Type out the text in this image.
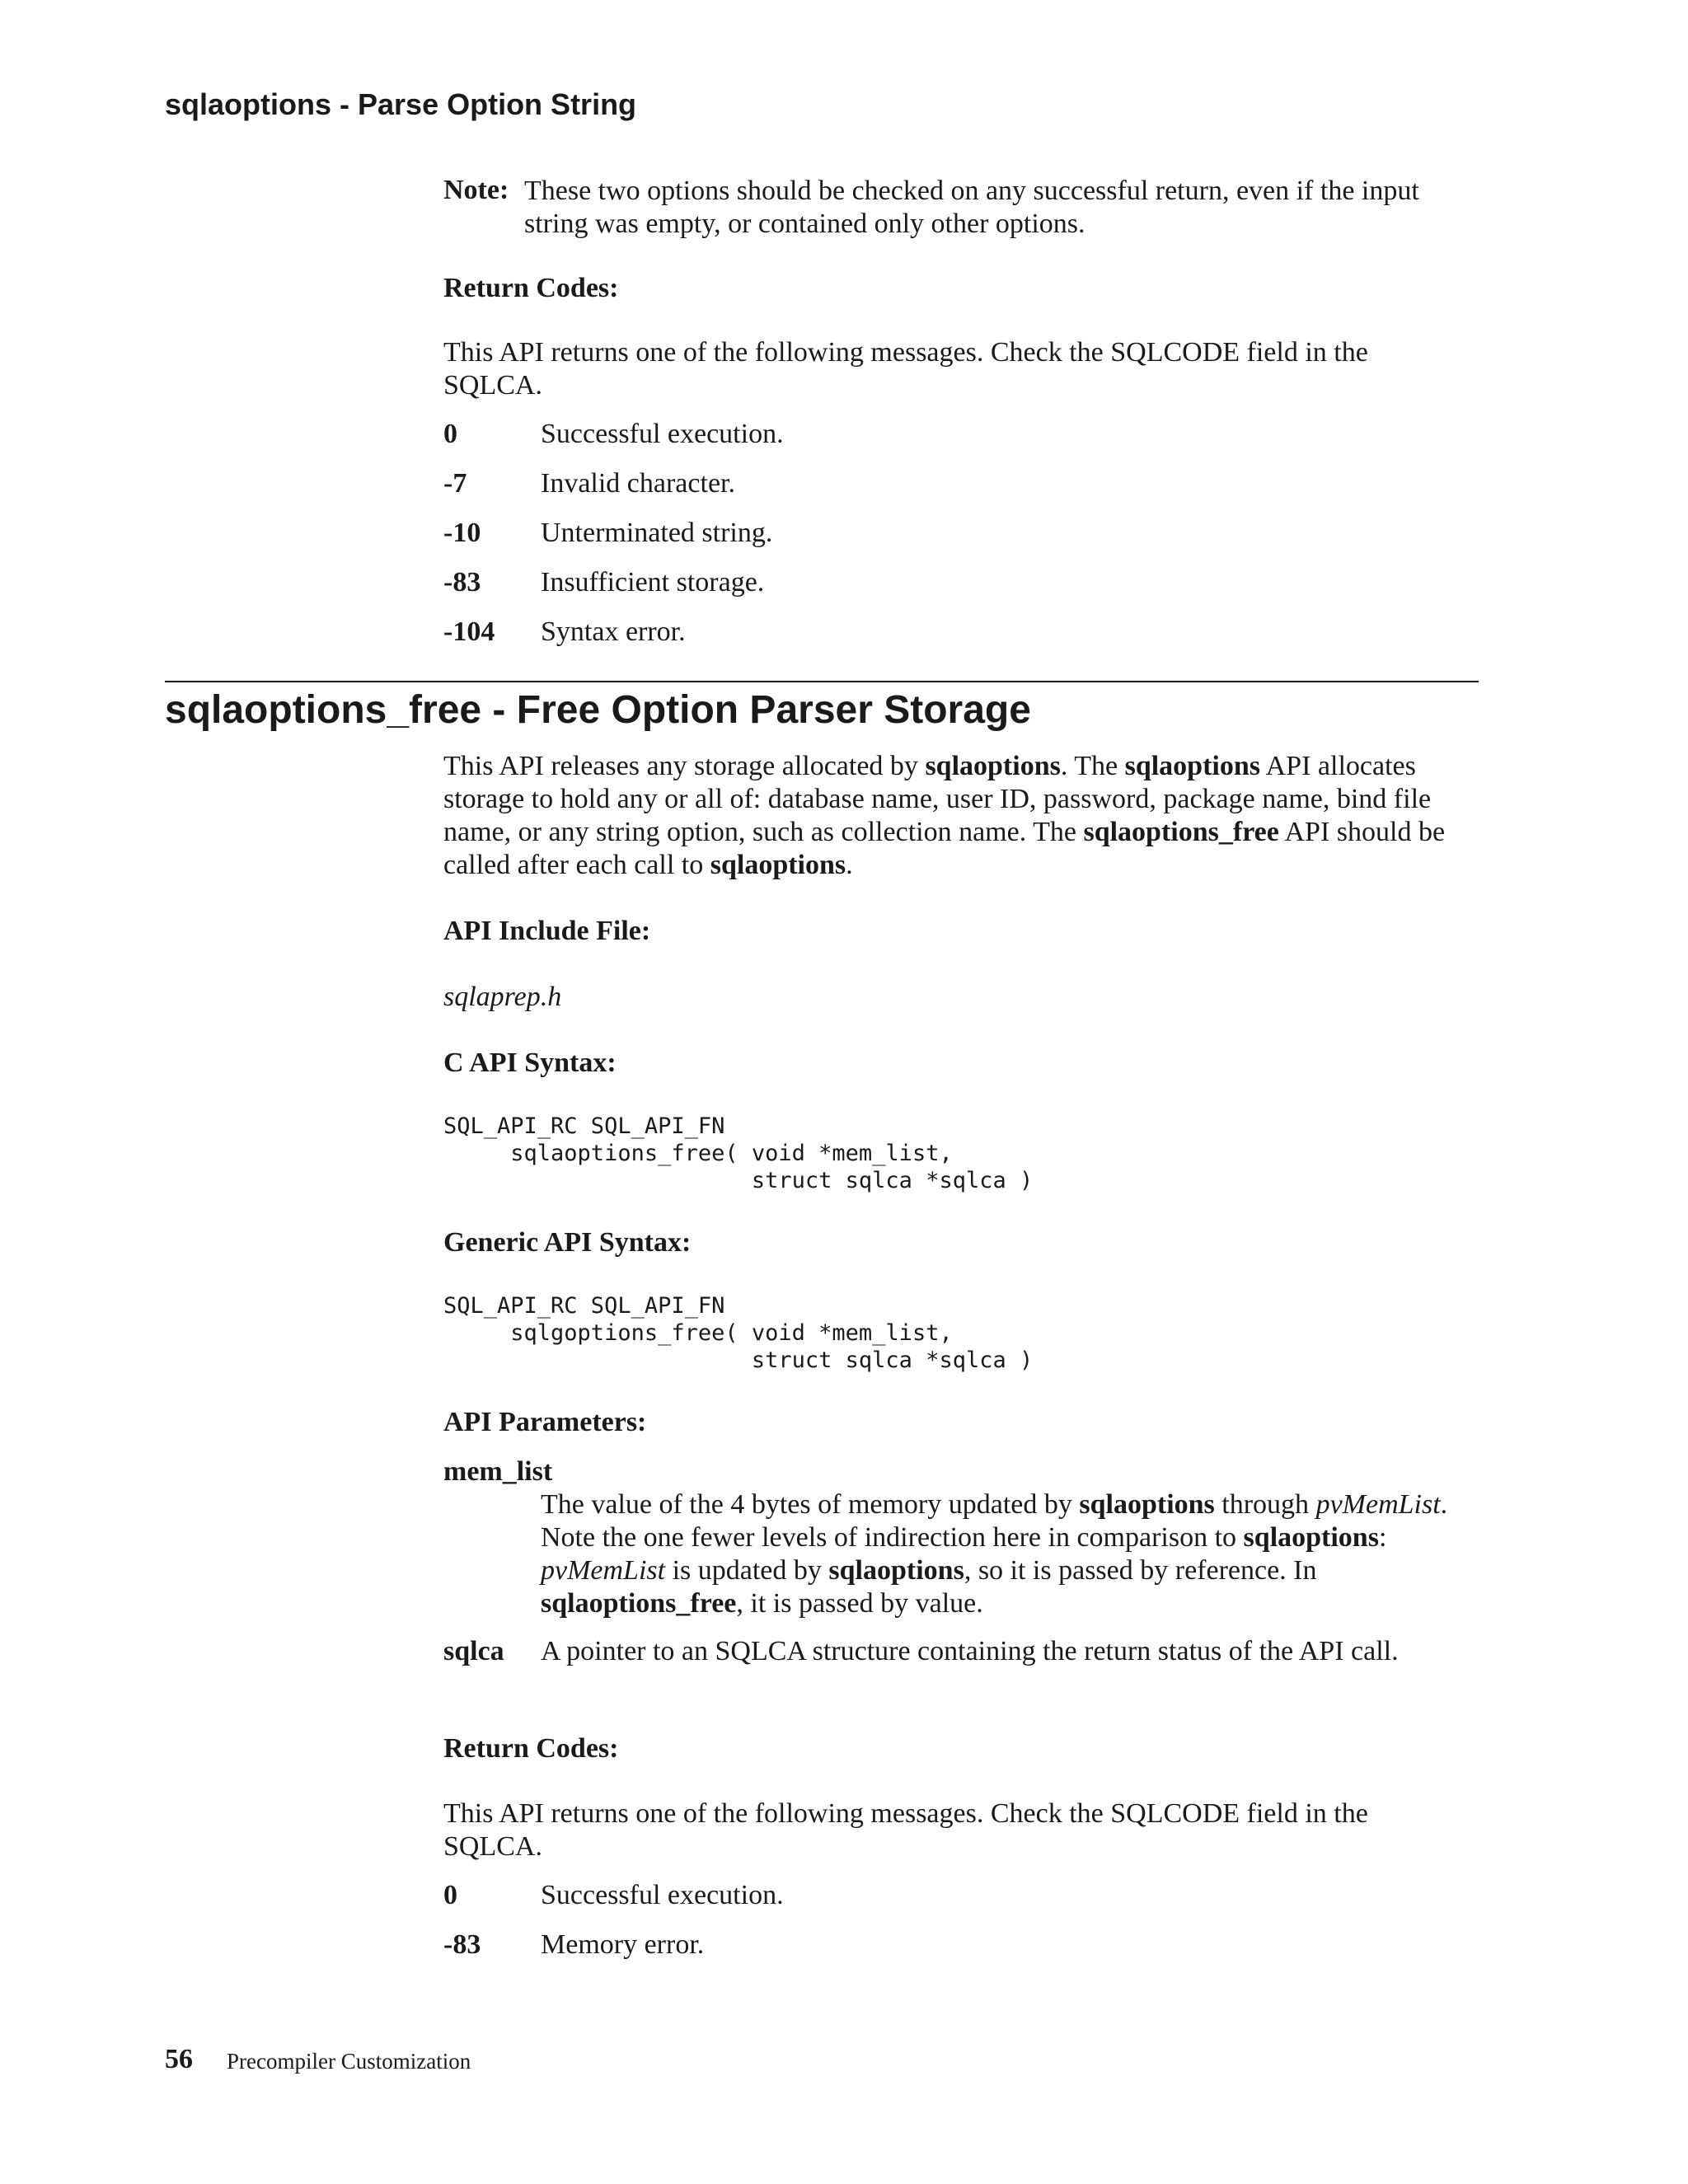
sqlaoptions - Parse Option String
Note: These two options should be checked on any successful return, even if the input string was empty, or contained only other options.
Return Codes:
This API returns one of the following messages. Check the SQLCODE field in the SQLCA.
0	Successful execution.
-7	Invalid character.
-10	Unterminated string.
-83	Insufficient storage.
-104	Syntax error.
sqlaoptions_free - Free Option Parser Storage
This API releases any storage allocated by sqlaoptions. The sqlaoptions API allocates storage to hold any or all of: database name, user ID, password, package name, bind file name, or any string option, such as collection name. The sqlaoptions_free API should be called after each call to sqlaoptions.
API Include File:
sqlaprep.h
C API Syntax:
SQL_API_RC SQL_API_FN
sqlaoptions_free( void *mem_list,
struct sqlca *sqlca )
Generic API Syntax:
SQL_API_RC SQL_API_FN
sqlgoptions_free( void *mem_list,
struct sqlca *sqlca )
API Parameters:
mem_list
The value of the 4 bytes of memory updated by sqlaoptions through pvMemList. Note the one fewer levels of indirection here in comparison to sqlaoptions: pvMemList is updated by sqlaoptions, so it is passed by reference. In sqlaoptions_free, it is passed by value.
sqlca A pointer to an SQLCA structure containing the return status of the API call.
Return Codes:
This API returns one of the following messages. Check the SQLCODE field in the SQLCA.
0	Successful execution.
-83	Memory error.
56 Precompiler Customization
